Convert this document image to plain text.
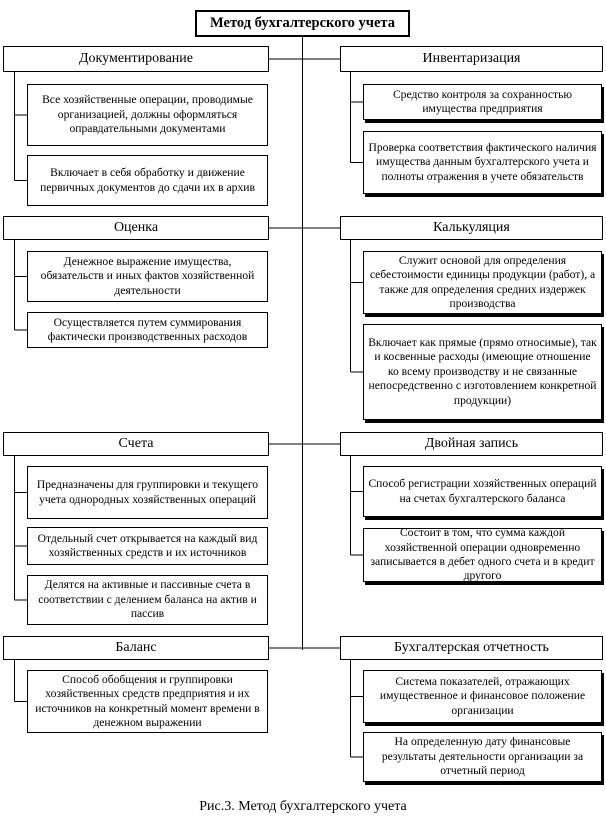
Метод бухгалтерского учета
Документирование
Все хозяйственные операции, проводимые организацией, должны оформляться оправдательными документами
Включает в себя обработку и движение первичных документов до сдачи их в архив
Оценка
Денежное выражение имущества, обязательств и иных фактов хозяйственной деятельности
Осуществляется путем суммирования фактически производственных расходов
Счета
Предназначены для группировки и текущего учета однородных хозяйственных операций
Отдельный счет открывается на каждый вид хозяйственных средств и их источников
Делятся на активные и пассивные счета в соответствии с делением баланса на актив и пассив
Баланс
Способ обобщения и группировки хозяйственных средств предприятия и их источников на конкретный момент времени в денежном выражении
Инвентаризация
Средство контроля за сохранностью имущества предприятия
Проверка соответствия фактического наличия имущества данным бухгалтерского учета и полноты отражения в учете обязательств
Калькуляция
Служит основой для определения себестоимости единицы продукции (работ), а также для определения средних издержек производства
Включает как прямые (прямо относимые), так и косвенные расходы (имеющие отношение ко всему производству и не связанные непосредственно с изготовлением конкретной продукции)
Двойная запись
Способ регистрации хозяйственных операций на счетах бухгалтерского баланса
Состоит в том, что сумма каждой хозяйственной операции одновременно записывается в дебет одного счета и в кредит другого
Бухгалтерская отчетность
Система показателей, отражающих имущественное и финансовое положение организации
На определенную дату финансовые результаты деятельности организации за отчетный период
Рис.3. Метод бухгалтерского учета
